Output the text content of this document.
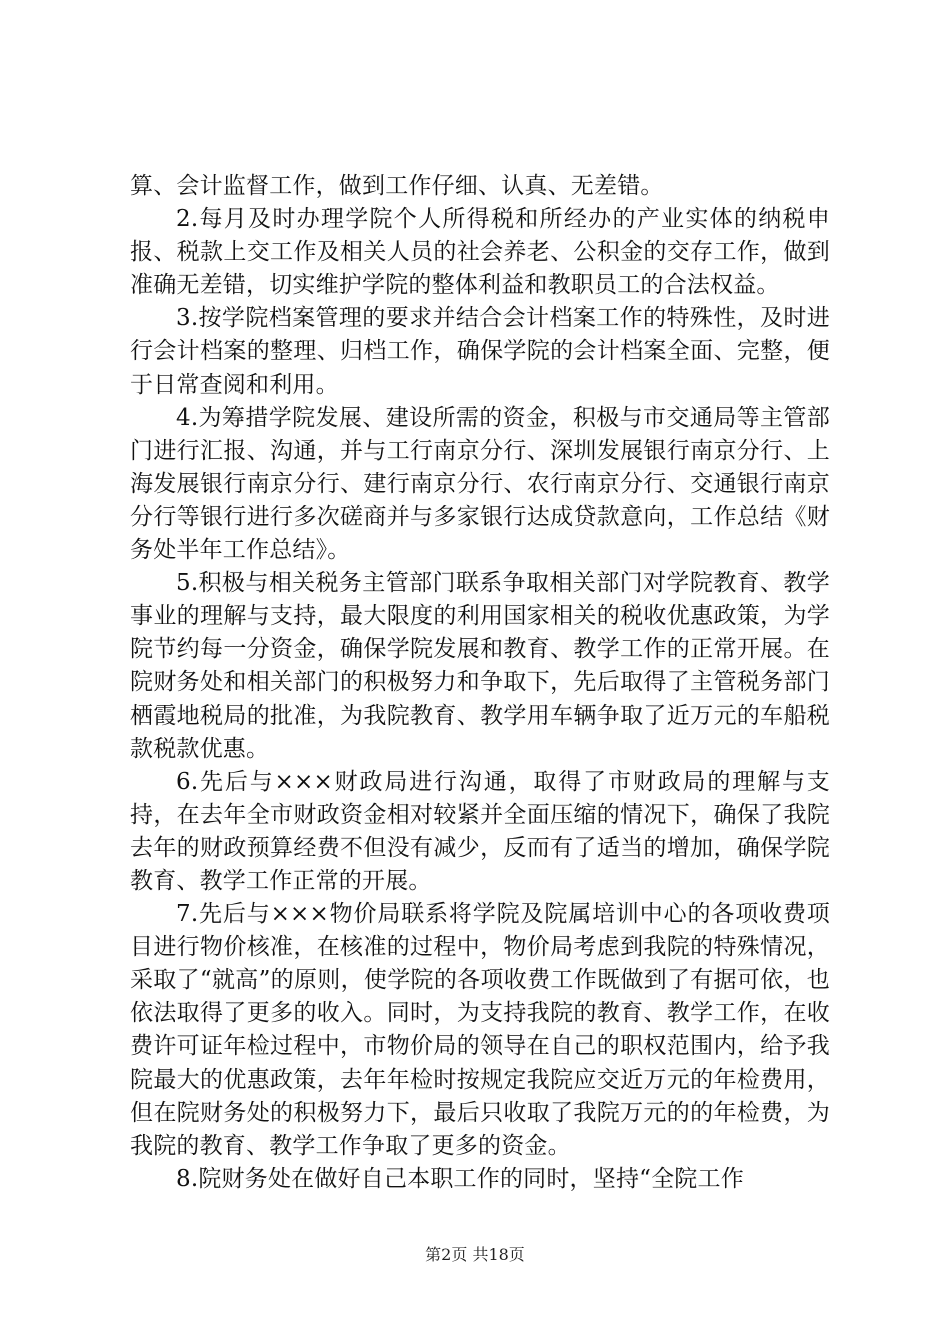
算、会计监督工作，做到工作仔细、认真、无差错。

2.每月及时办理学院个人所得税和所经办的产业实体的纳税申报、税款上交工作及相关人员的社会养老、公积金的交存工作，做到准确无差错，切实维护学院的整体利益和教职员工的合法权益。

3.按学院档案管理的要求并结合会计档案工作的特殊性，及时进行会计档案的整理、归档工作，确保学院的会计档案全面、完整，便于日常查阅和利用。

4.为筹措学院发展、建设所需的资金，积极与市交通局等主管部门进行汇报、沟通，并与工行南京分行、深圳发展银行南京分行、上海发展银行南京分行、建行南京分行、农行南京分行、交通银行南京分行等银行进行多次磋商并与多家银行达成贷款意向，工作总结《财务处半年工作总结》。

5.积极与相关税务主管部门联系争取相关部门对学院教育、教学事业的理解与支持，最大限度的利用国家相关的税收优惠政策，为学院节约每一分资金，确保学院发展和教育、教学工作的正常开展。在院财务处和相关部门的积极努力和争取下，先后取得了主管税务部门栖霞地税局的批准，为我院教育、教学用车辆争取了近万元的车船税款税款优惠。

6.先后与×××财政局进行沟通，取得了市财政局的理解与支持，在去年全市财政资金相对较紧并全面压缩的情况下，确保了我院去年的财政预算经费不但没有减少，反而有了适当的增加，确保学院教育、教学工作正常的开展。

7.先后与×××物价局联系将学院及院属培训中心的各项收费项目进行物价核准，在核准的过程中，物价局考虑到我院的特殊情况，采取了“就高”的原则，使学院的各项收费工作既做到了有据可依，也依法取得了更多的收入。同时，为支持我院的教育、教学工作，在收费许可证年检过程中，市物价局的领导在自己的职权范围内，给予我院最大的优惠政策，去年年检时按规定我院应交近万元的年检费用，但在院财务处的积极努力下，最后只收取了我院万元的的年检费，为我院的教育、教学工作争取了更多的资金。

8.院财务处在做好自己本职工作的同时，坚持“全院工作

第2页 共18页
